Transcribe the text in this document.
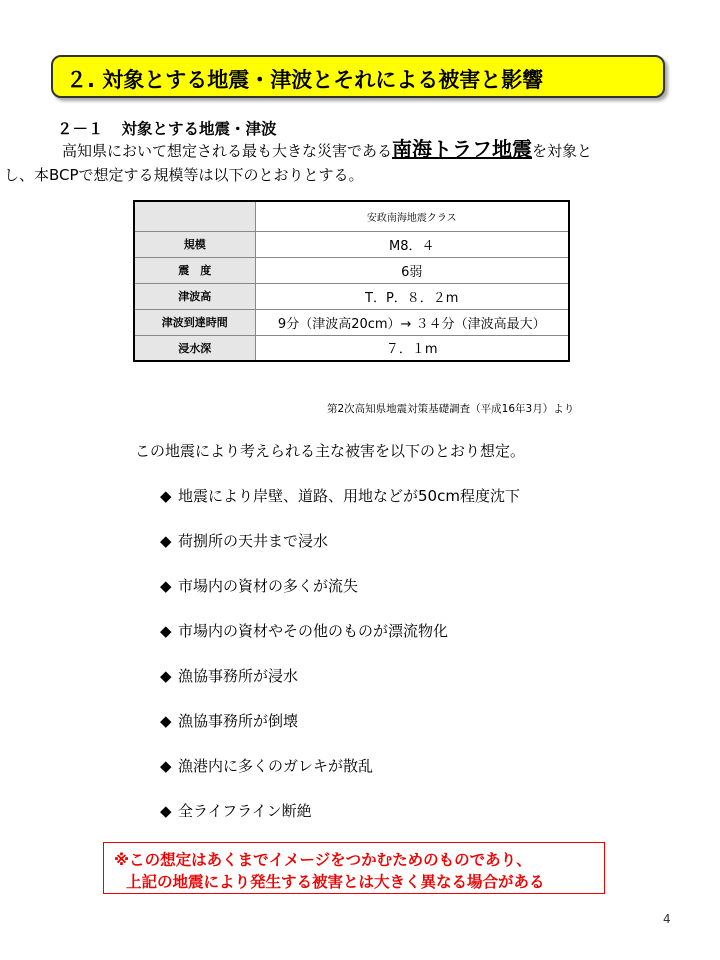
２. 対象とする地震・津波とそれによる被害と影響
２－１ 対象とする地震・津波
高知県において想定される最も大きな災害である南海トラフ地震を対象と
し、本BCPで想定する規模等は以下のとおりとする。
	安政南海地震クラス
規模	M8．４
震　度	6弱
津波高	T．P．８．２m
津波到達時間	9分（津波高20cm）→ ３４分（津波高最大）
浸水深	７．１m
第2次高知県地震対策基礎調査（平成16年3月）より
この地震により考えられる主な被害を以下のとおり想定。
◆ 地震により岸壁、道路、用地などが50cm程度沈下
◆ 荷捌所の天井まで浸水
◆ 市場内の資材の多くが流失
◆ 市場内の資材やその他のものが漂流物化
◆ 漁協事務所が浸水
◆ 漁協事務所が倒壊
◆ 漁港内に多くのガレキが散乱
◆ 全ライフライン断絶
※この想定はあくまでイメージをつかむためのものであり、
上記の地震により発生する被害とは大きく異なる場合がある
4
